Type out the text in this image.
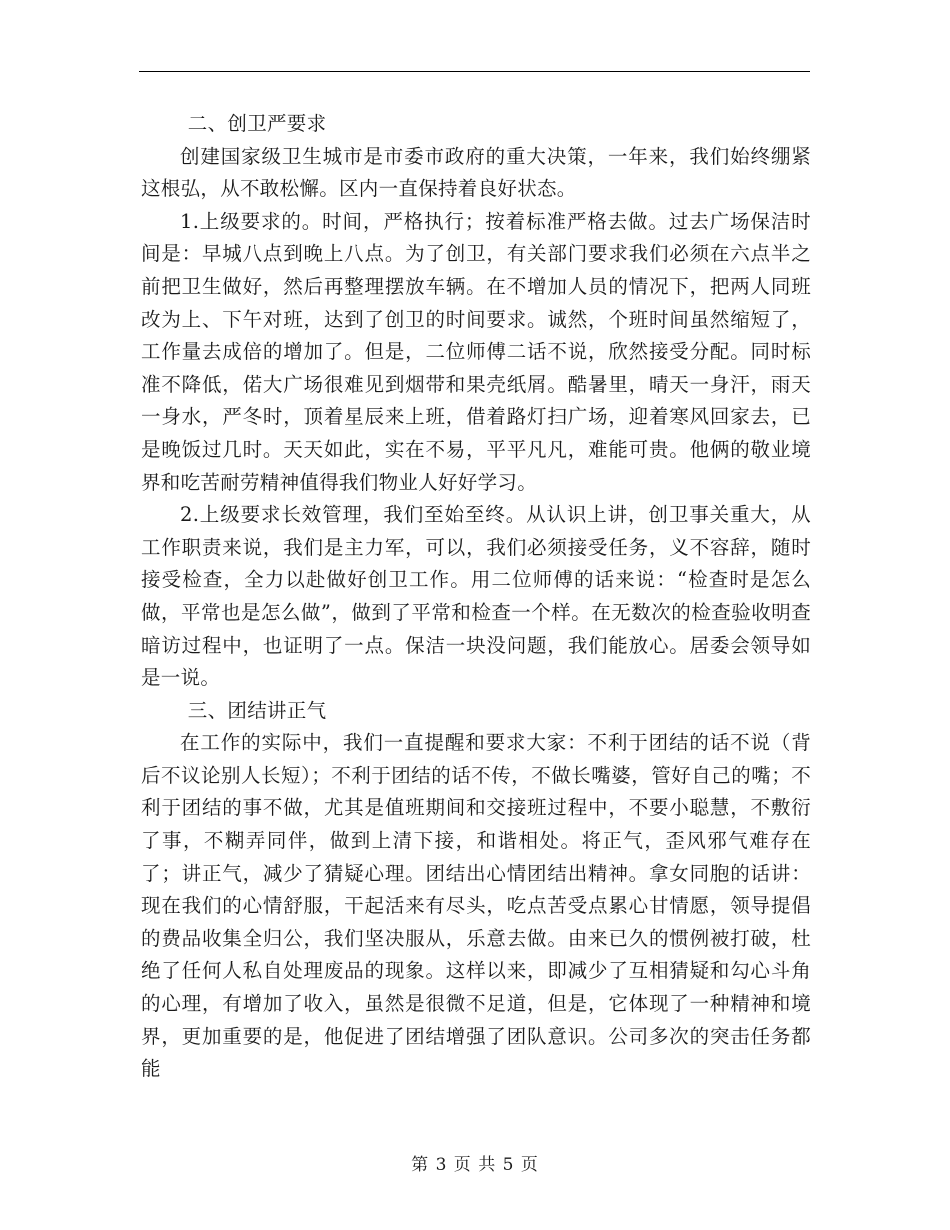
二、创卫严要求

创建国家级卫生城市是市委市政府的重大决策，一年来，我们始终绷紧这根弘，从不敢松懈。区内一直保持着良好状态。

1.上级要求的。时间，严格执行；按着标准严格去做。过去广场保洁时间是：早城八点到晚上八点。为了创卫，有关部门要求我们必须在六点半之前把卫生做好，然后再整理摆放车辆。在不增加人员的情况下，把两人同班改为上、下午对班，达到了创卫的时间要求。诚然，个班时间虽然缩短了，工作量去成倍的增加了。但是，二位师傅二话不说，欣然接受分配。同时标准不降低，偌大广场很难见到烟带和果壳纸屑。酷暑里，晴天一身汗，雨天一身水，严冬时，顶着星辰来上班，借着路灯扫广场，迎着寒风回家去，已是晚饭过几时。天天如此，实在不易，平平凡凡，难能可贵。他俩的敬业境界和吃苦耐劳精神值得我们物业人好好学习。

2.上级要求长效管理，我们至始至终。从认识上讲，创卫事关重大，从工作职责来说，我们是主力军，可以，我们必须接受任务，义不容辞，随时接受检查，全力以赴做好创卫工作。用二位师傅的话来说：“检查时是怎么做，平常也是怎么做”，做到了平常和检查一个样。在无数次的检查验收明查暗访过程中，也证明了一点。保洁一块没问题，我们能放心。居委会领导如是一说。

三、团结讲正气

在工作的实际中，我们一直提醒和要求大家：不利于团结的话不说（背后不议论别人长短）；不利于团结的话不传，不做长嘴婆，管好自己的嘴；不利于团结的事不做，尤其是值班期间和交接班过程中，不要小聪慧，不敷衍了事，不糊弄同伴，做到上清下接，和谐相处。将正气，歪风邪气难存在了；讲正气，减少了猜疑心理。团结出心情团结出精神。拿女同胞的话讲：现在我们的心情舒服，干起活来有尽头，吃点苦受点累心甘情愿，领导提倡的费品收集全归公，我们坚决服从，乐意去做。由来已久的惯例被打破，杜绝了任何人私自处理废品的现象。这样以来，即减少了互相猜疑和勾心斗角的心理，有增加了收入，虽然是很微不足道，但是，它体现了一种精神和境界，更加重要的是，他促进了团结增强了团队意识。公司多次的突击任务都能

第 3 页 共 5 页
